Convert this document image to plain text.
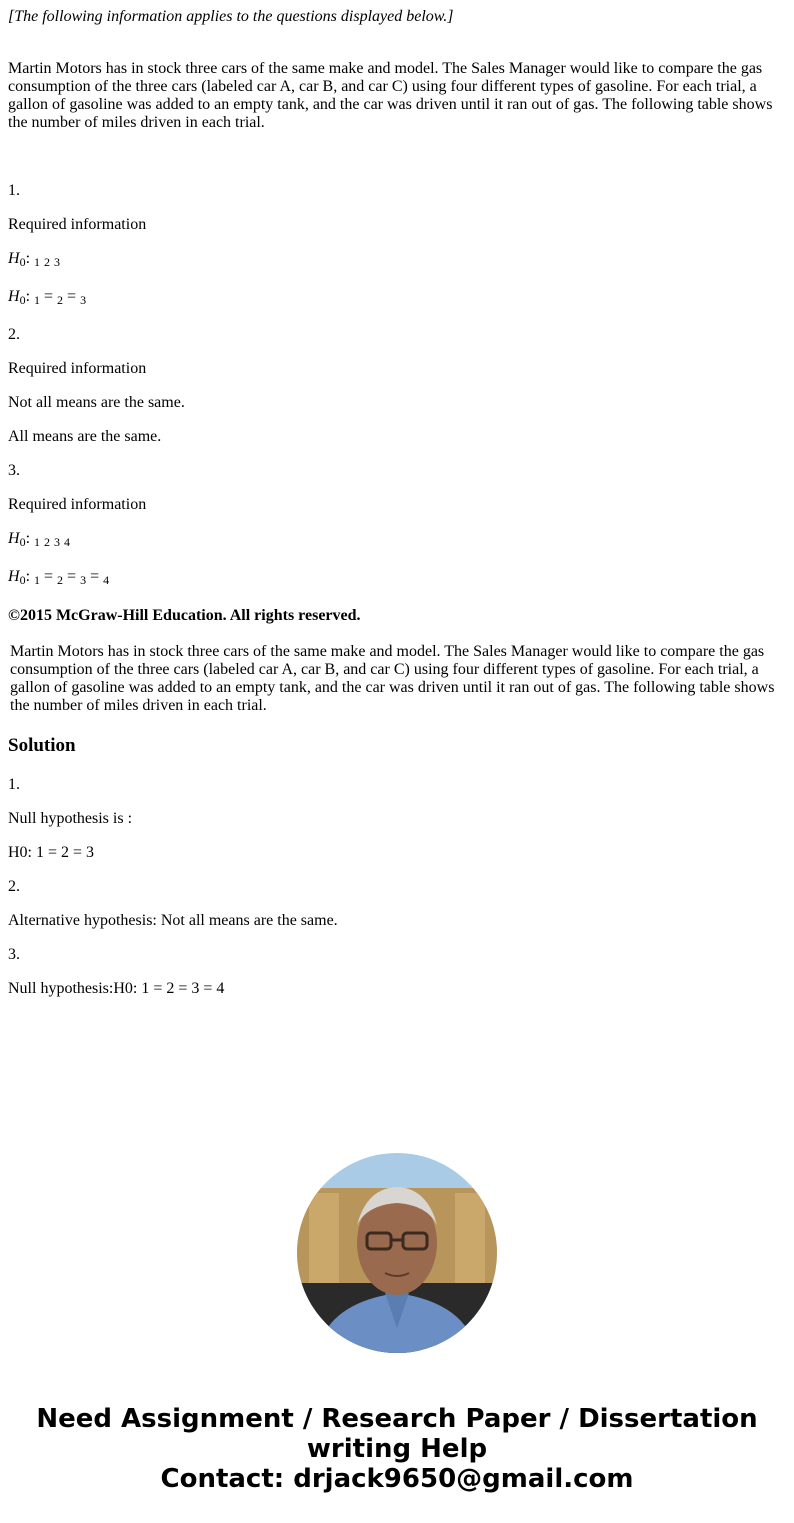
[The following information applies to the questions displayed below.]

Martin Motors has in stock three cars of the same make and model. The Sales Manager would like to compare the gas consumption of the three cars (labeled car A, car B, and car C) using four different types of gasoline. For each trial, a gallon of gasoline was added to an empty tank, and the car was driven until it ran out of gas. The following table shows the number of miles driven in each trial.

1.

Required information

$H_0$: $_1$ $_2$ $_3$

$H_0$: $_1$ = $_2$ = $_3$

2.

Required information

Not all means are the same.

All means are the same.

3.

Required information

$H_0$: $_1$ $_2$ $_3$ $_4$

$H_0$: $_1$ = $_2$ = $_3$ = $_4$

©2015 McGraw-Hill Education. All rights reserved.

Martin Motors has in stock three cars of the same make and model. The Sales Manager would like to compare the gas consumption of the three cars (labeled car A, car B, and car C) using four different types of gasoline. For each trial, a gallon of gasoline was added to an empty tank, and the car was driven until it ran out of gas. The following table shows the number of miles driven in each trial.

Solution

1.

Null hypothesis is :

H0: 1 = 2 = 3

2.

Alternative hypothesis: Not all means are the same.

3.

Null hypothesis:H0: 1 = 2 = 3 = 4

Need Assignment / Research Paper / Dissertation
writing Help
Contact: drjack9650@gmail.com
